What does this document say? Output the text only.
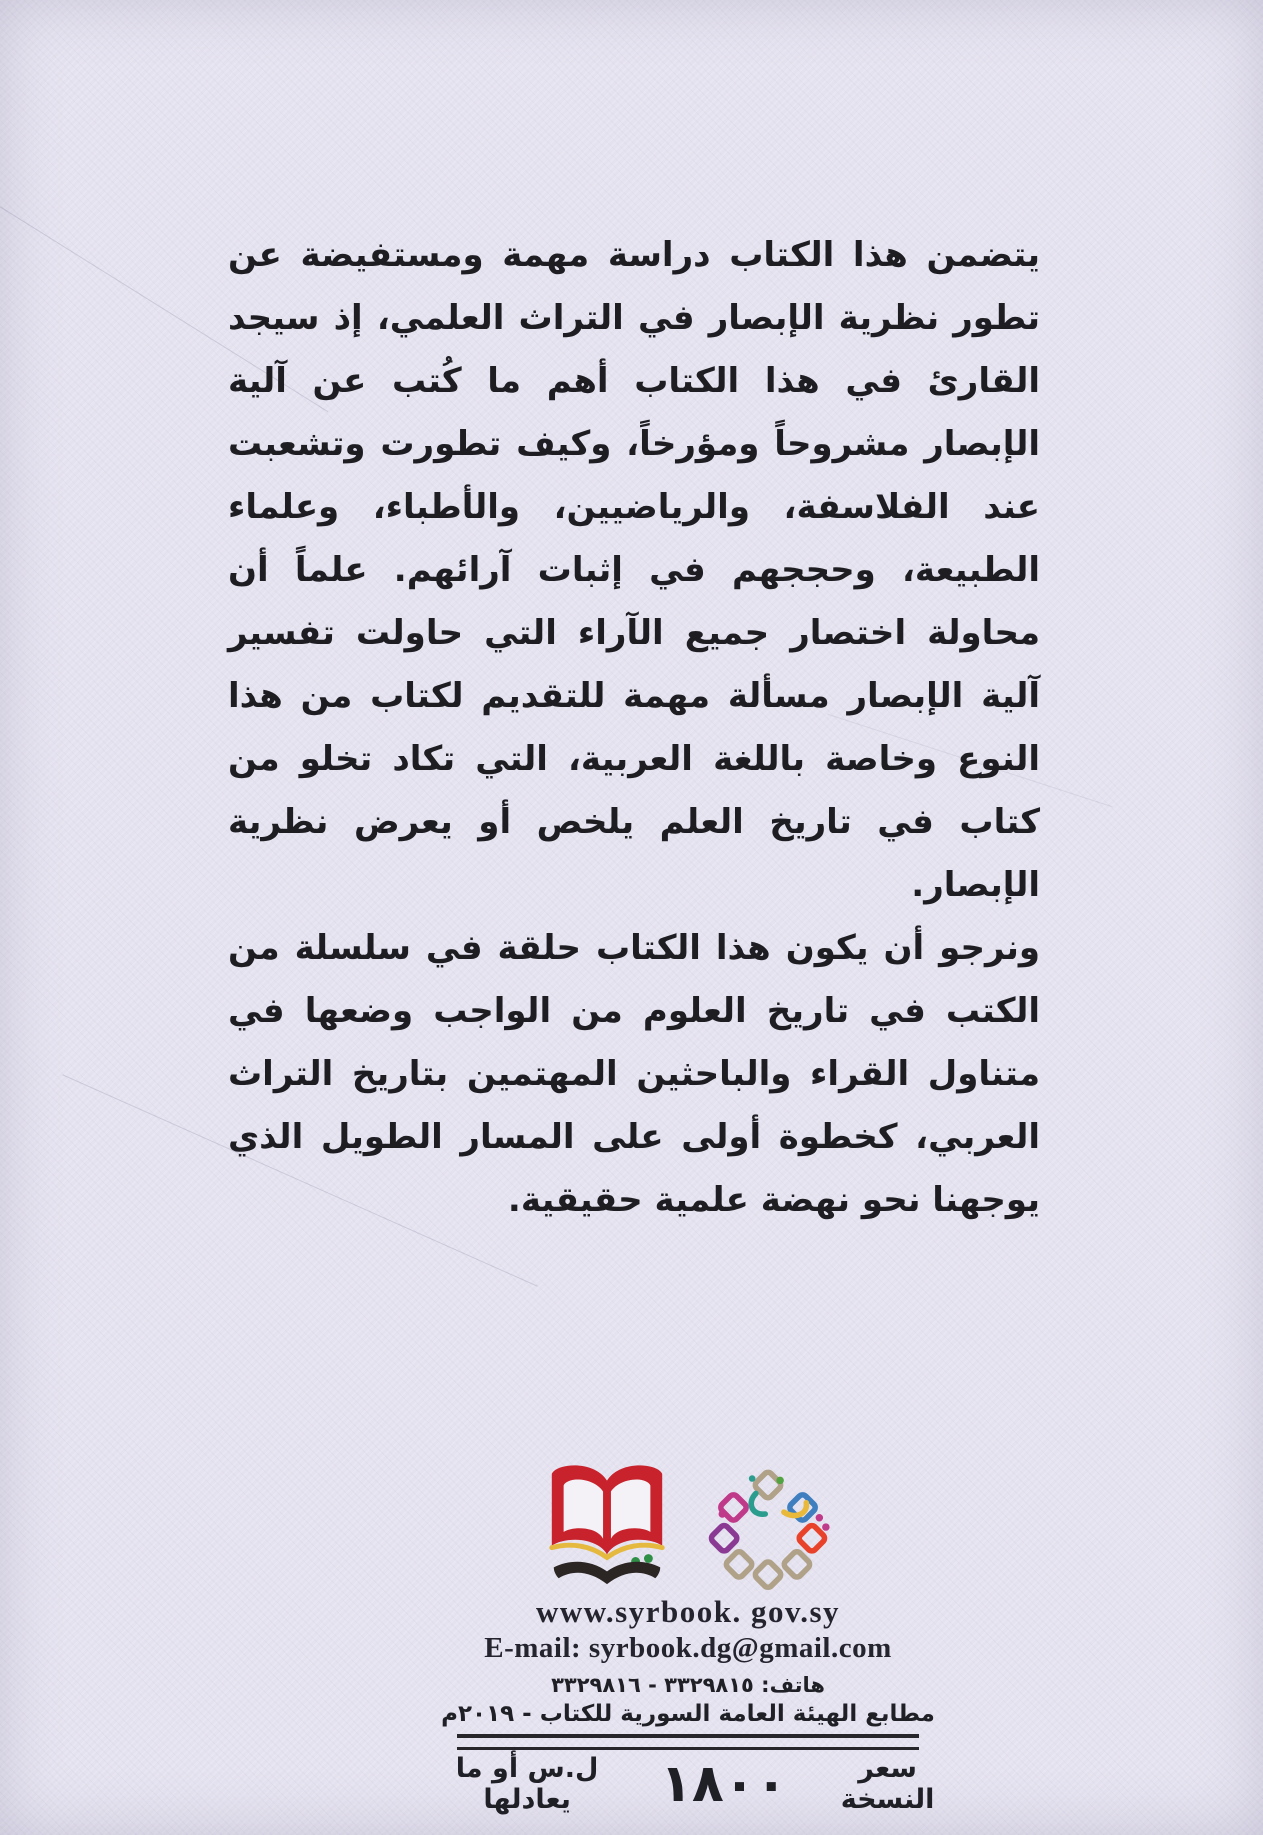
يتضمن هذا الكتاب دراسة مهمة ومستفيضة عن تطور نظرية الإبصار في التراث العلمي، إذ سيجد القارئ في هذا الكتاب أهم ما كُتب عن آلية الإبصار مشروحاً ومؤرخاً، وكيف تطورت وتشعبت عند الفلاسفة، والرياضيين، والأطباء، وعلماء الطبيعة، وحججهم في إثبات آرائهم. علماً أن محاولة اختصار جميع الآراء التي حاولت تفسير آلية الإبصار مسألة مهمة للتقديم لكتاب من هذا النوع وخاصة باللغة العربية، التي تكاد تخلو من كتاب في تاريخ العلم يلخص أو يعرض نظرية الإبصار.

ونرجو أن يكون هذا الكتاب حلقة في سلسلة من الكتب في تاريخ العلوم من الواجب وضعها في متناول القراء والباحثين المهتمين بتاريخ التراث العربي، كخطوة أولى على المسار الطويل الذي يوجهنا نحو نهضة علمية حقيقية.

www.syrbook. gov.sy
E-mail: syrbook.dg@gmail.com
هاتف: ٣٣٢٩٨١٥ - ٣٣٢٩٨١٦
مطابع الهيئة العامة السورية للكتاب - ٢٠١٩م
سعر النسخة
١٨٠٠
ل.س أو ما يعادلها
